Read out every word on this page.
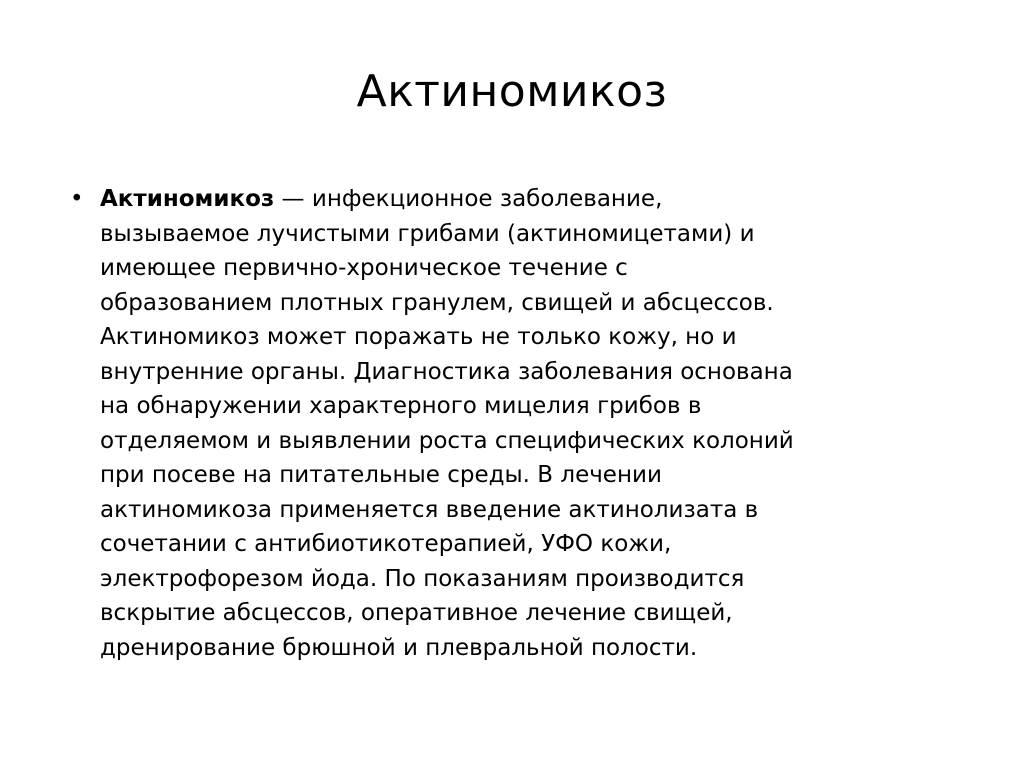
Актиномикоз
• Актиномикоз — инфекционное заболевание,
вызываемое лучистыми грибами (актиномицетами) и
имеющее первично-хроническое течение с
образованием плотных гранулем, свищей и абсцессов.
Актиномикоз может поражать не только кожу, но и
внутренние органы. Диагностика заболевания основана
на обнаружении характерного мицелия грибов в
отделяемом и выявлении роста специфических колоний
при посеве на питательные среды. В лечении
актиномикоза применяется введение актинолизата в
сочетании с антибиотикотерапией, УФО кожи,
электрофорезом йода. По показаниям производится
вскрытие абсцессов, оперативное лечение свищей,
дренирование брюшной и плевральной полости.
